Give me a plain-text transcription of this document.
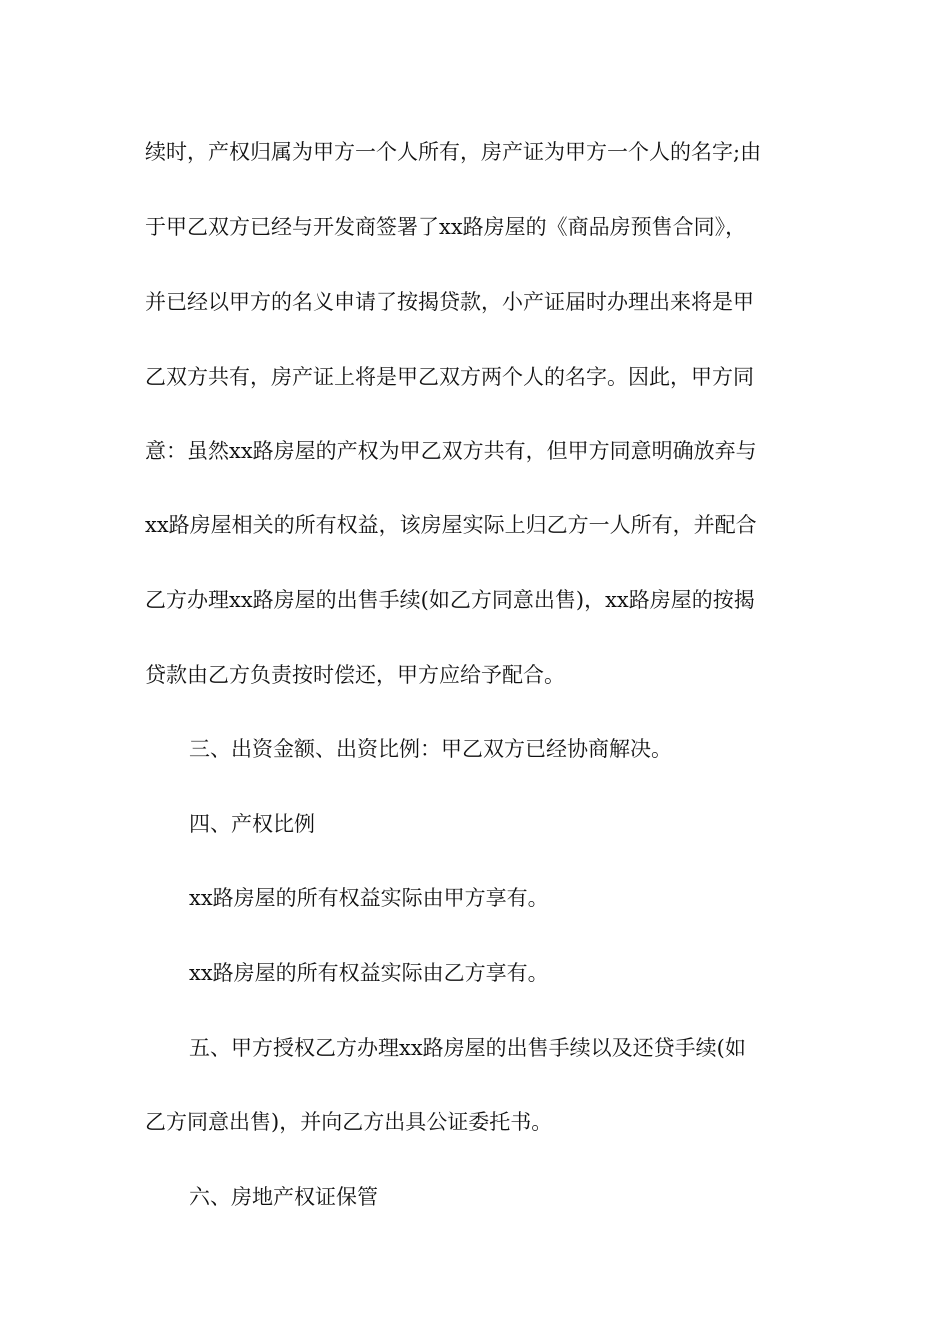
续时，产权归属为甲方一个人所有，房产证为甲方一个人的名字;由
于甲乙双方已经与开发商签署了xx路房屋的《商品房预售合同》，
并已经以甲方的名义申请了按揭贷款，小产证届时办理出来将是甲
乙双方共有，房产证上将是甲乙双方两个人的名字。因此，甲方同
意：虽然xx路房屋的产权为甲乙双方共有，但甲方同意明确放弃与
xx路房屋相关的所有权益，该房屋实际上归乙方一人所有，并配合
乙方办理xx路房屋的出售手续(如乙方同意出售)，xx路房屋的按揭
贷款由乙方负责按时偿还，甲方应给予配合。
三、出资金额、出资比例：甲乙双方已经协商解决。
四、产权比例
xx路房屋的所有权益实际由甲方享有。
xx路房屋的所有权益实际由乙方享有。
五、甲方授权乙方办理xx路房屋的出售手续以及还贷手续(如
乙方同意出售)，并向乙方出具公证委托书。
六、房地产权证保管
